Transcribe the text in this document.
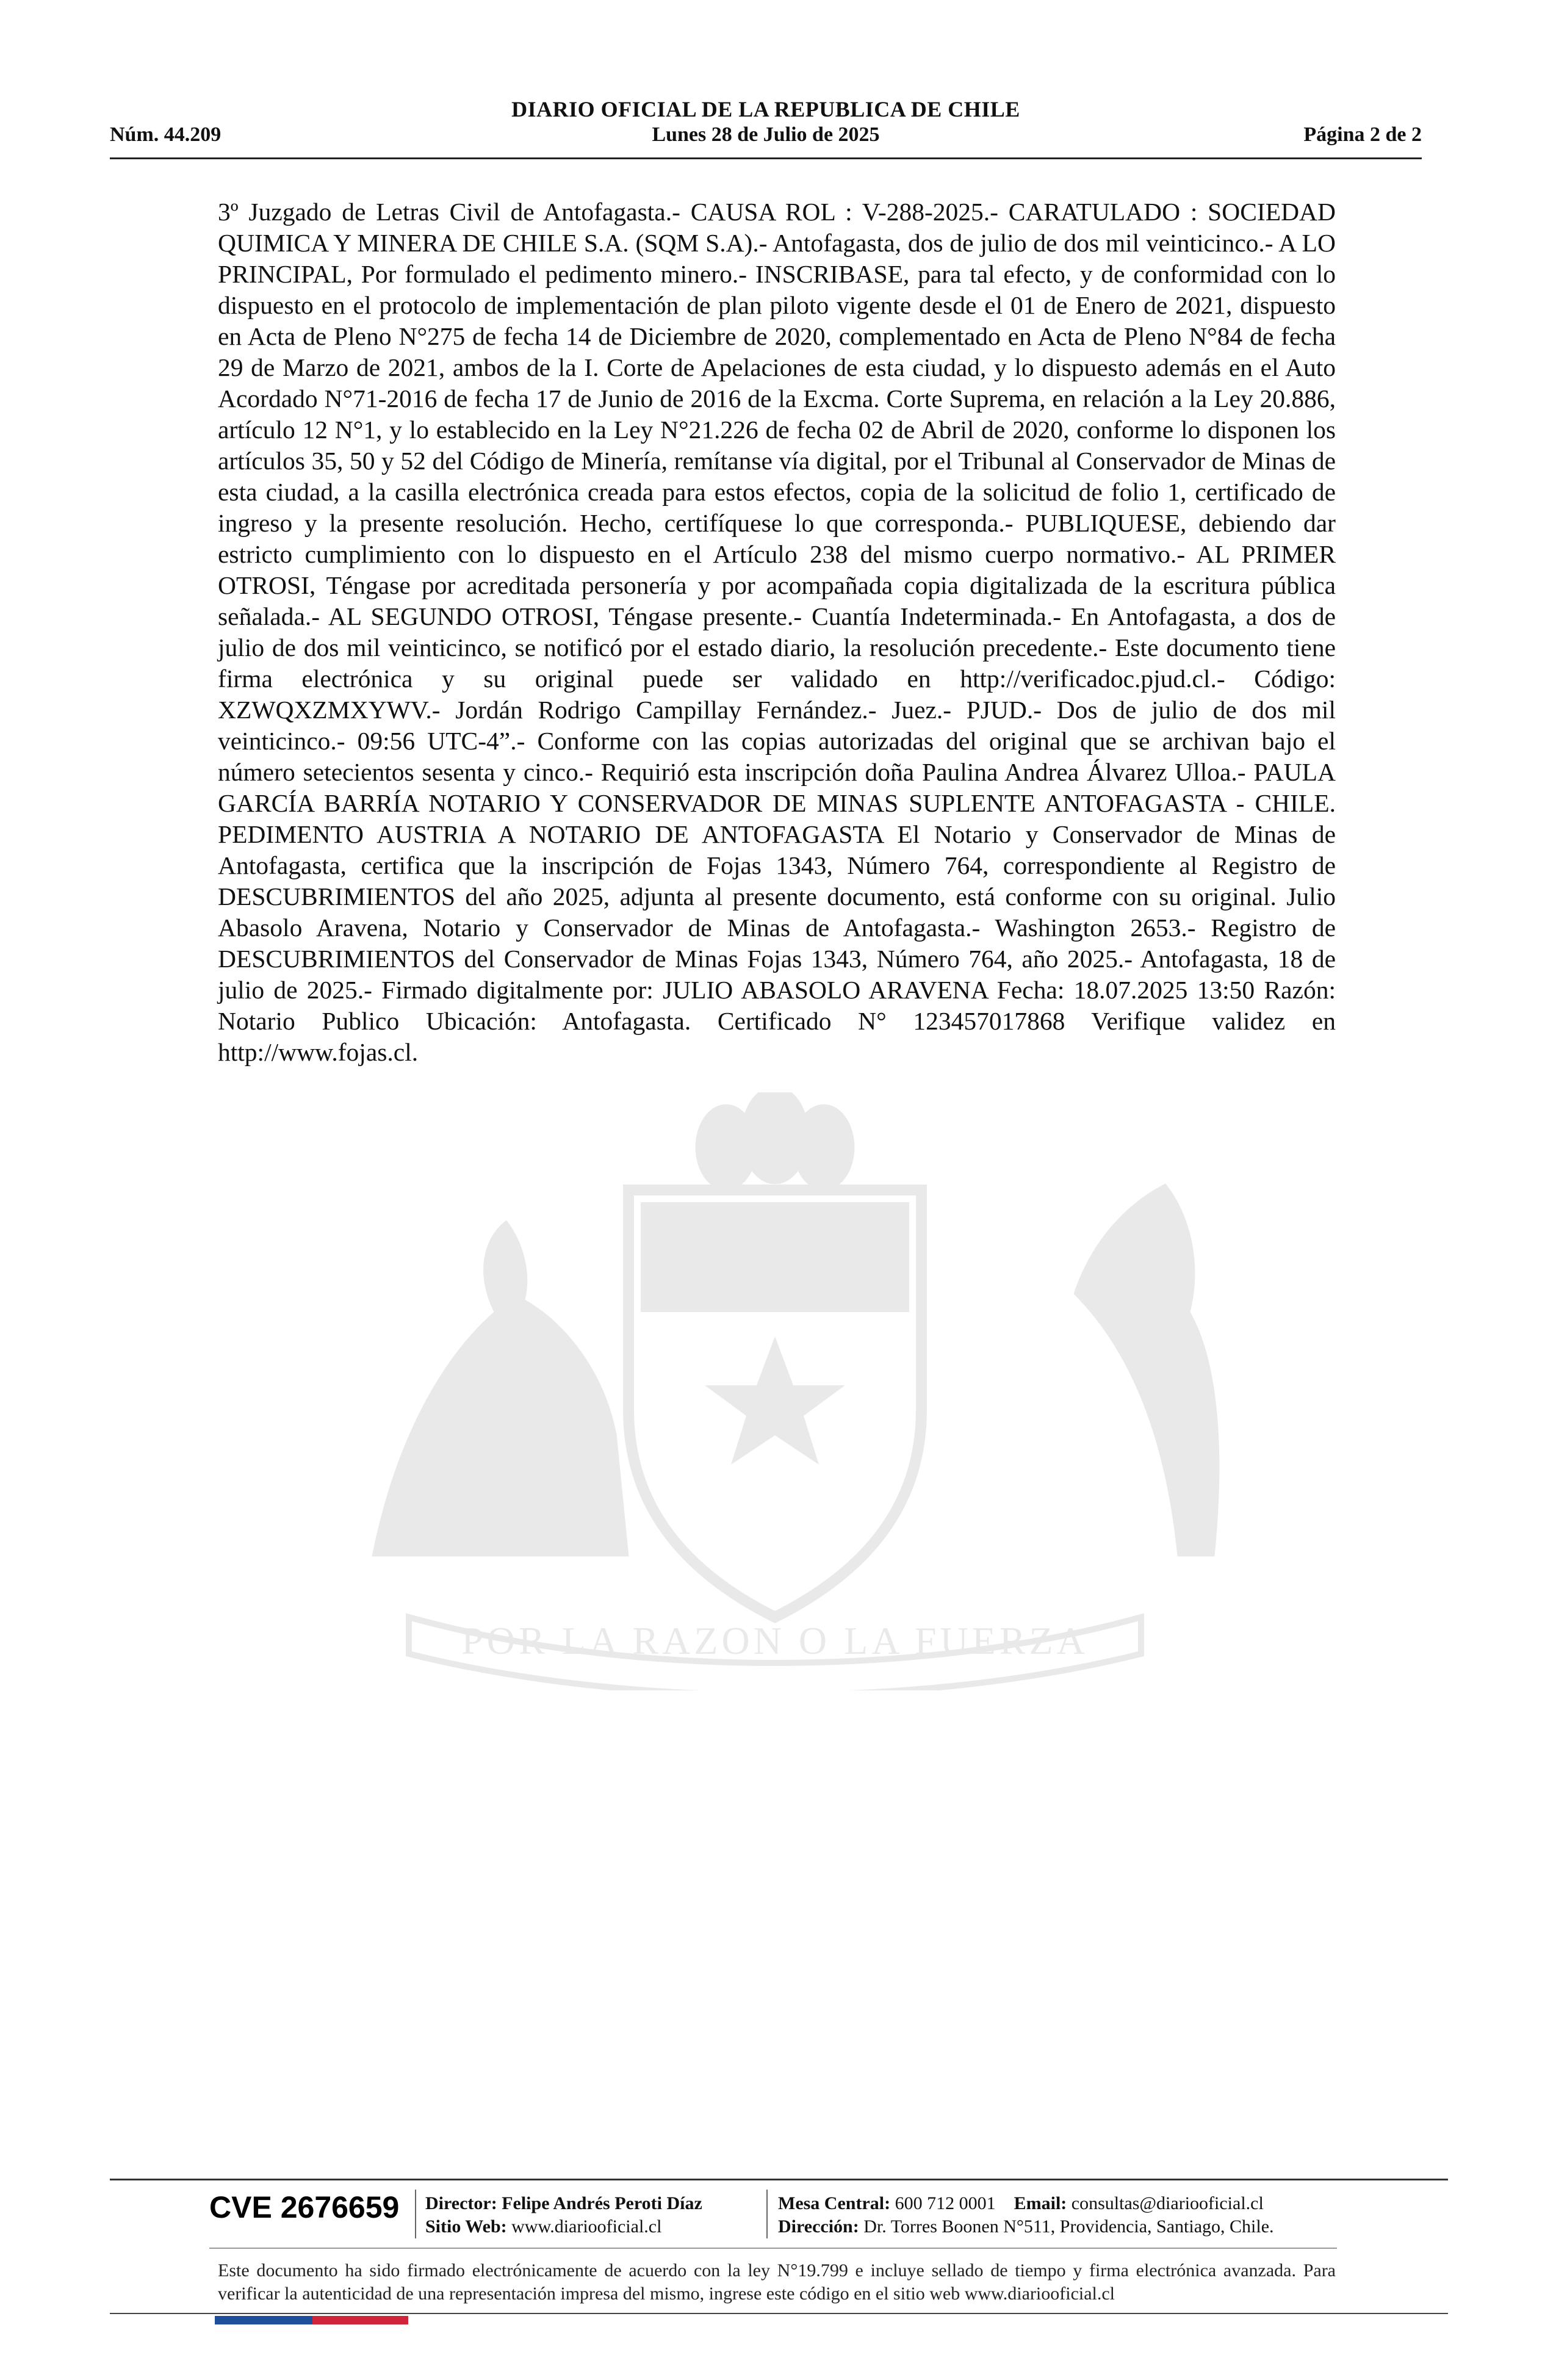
DIARIO OFICIAL DE LA REPUBLICA DE CHILE
Núm. 44.209	Lunes 28 de Julio de 2025	Página 2 de 2
POR LA RAZON O LA FUERZA
3º Juzgado de Letras Civil de Antofagasta.- CAUSA ROL : V-288-2025.- CARATULADO : SOCIEDAD QUIMICA Y MINERA DE CHILE S.A. (SQM S.A).- Antofagasta, dos de julio de dos mil veinticinco.- A LO PRINCIPAL, Por formulado el pedimento minero.- INSCRIBASE, para tal efecto, y de conformidad con lo dispuesto en el protocolo de implementación de plan piloto vigente desde el 01 de Enero de 2021, dispuesto en Acta de Pleno N°275 de fecha 14 de Diciembre de 2020, complementado en Acta de Pleno N°84 de fecha 29 de Marzo de 2021, ambos de la I. Corte de Apelaciones de esta ciudad, y lo dispuesto además en el Auto Acordado N°71-2016 de fecha 17 de Junio de 2016 de la Excma. Corte Suprema, en relación a la Ley 20.886, artículo 12 N°1, y lo establecido en la Ley N°21.226 de fecha 02 de Abril de 2020, conforme lo disponen los artículos 35, 50 y 52 del Código de Minería, remítanse vía digital, por el Tribunal al Conservador de Minas de esta ciudad, a la casilla electrónica creada para estos efectos, copia de la solicitud de folio 1, certificado de ingreso y la presente resolución. Hecho, certifíquese lo que corresponda.- PUBLIQUESE, debiendo dar estricto cumplimiento con lo dispuesto en el Artículo 238 del mismo cuerpo normativo.- AL PRIMER OTROSI, Téngase por acreditada personería y por acompañada copia digitalizada de la escritura pública señalada.- AL SEGUNDO OTROSI, Téngase presente.- Cuantía Indeterminada.- En Antofagasta, a dos de julio de dos mil veinticinco, se notificó por el estado diario, la resolución precedente.- Este documento tiene firma electrónica y su original puede ser validado en http://verificadoc.pjud.cl.- Código: XZWQXZMXYWV.- Jordán Rodrigo Campillay Fernández.- Juez.- PJUD.- Dos de julio de dos mil veinticinco.- 09:56 UTC-4”.- Conforme con las copias autorizadas del original que se archivan bajo el número setecientos sesenta y cinco.- Requirió esta inscripción doña Paulina Andrea Álvarez Ulloa.- PAULA GARCÍA BARRÍA NOTARIO Y CONSERVADOR DE MINAS SUPLENTE ANTOFAGASTA - CHILE. PEDIMENTO AUSTRIA A NOTARIO DE ANTOFAGASTA El Notario y Conservador de Minas de Antofagasta, certifica que la inscripción de Fojas 1343, Número 764, correspondiente al Registro de DESCUBRIMIENTOS del año 2025, adjunta al presente documento, está conforme con su original. Julio Abasolo Aravena, Notario y Conservador de Minas de Antofagasta.- Washington 2653.- Registro de DESCUBRIMIENTOS del Conservador de Minas Fojas 1343, Número 764, año 2025.- Antofagasta, 18 de julio de 2025.- Firmado digitalmente por: JULIO ABASOLO ARAVENA Fecha: 18.07.2025 13:50 Razón: Notario Publico Ubicación: Antofagasta. Certificado N° 123457017868 Verifique validez en http://www.fojas.cl.
CVE 2676659 Director: Felipe Andrés Peroti Díaz
Sitio Web: www.diariooficial.cl
Mesa Central: 600 712 0001 Email: consultas@diariooficial.cl
Dirección: Dr. Torres Boonen N°511, Providencia, Santiago, Chile.
Este documento ha sido firmado electrónicamente de acuerdo con la ley N°19.799 e incluye sellado de tiempo y firma electrónica avanzada. Para verificar la autenticidad de una representación impresa del mismo, ingrese este código en el sitio web www.diariooficial.cl
